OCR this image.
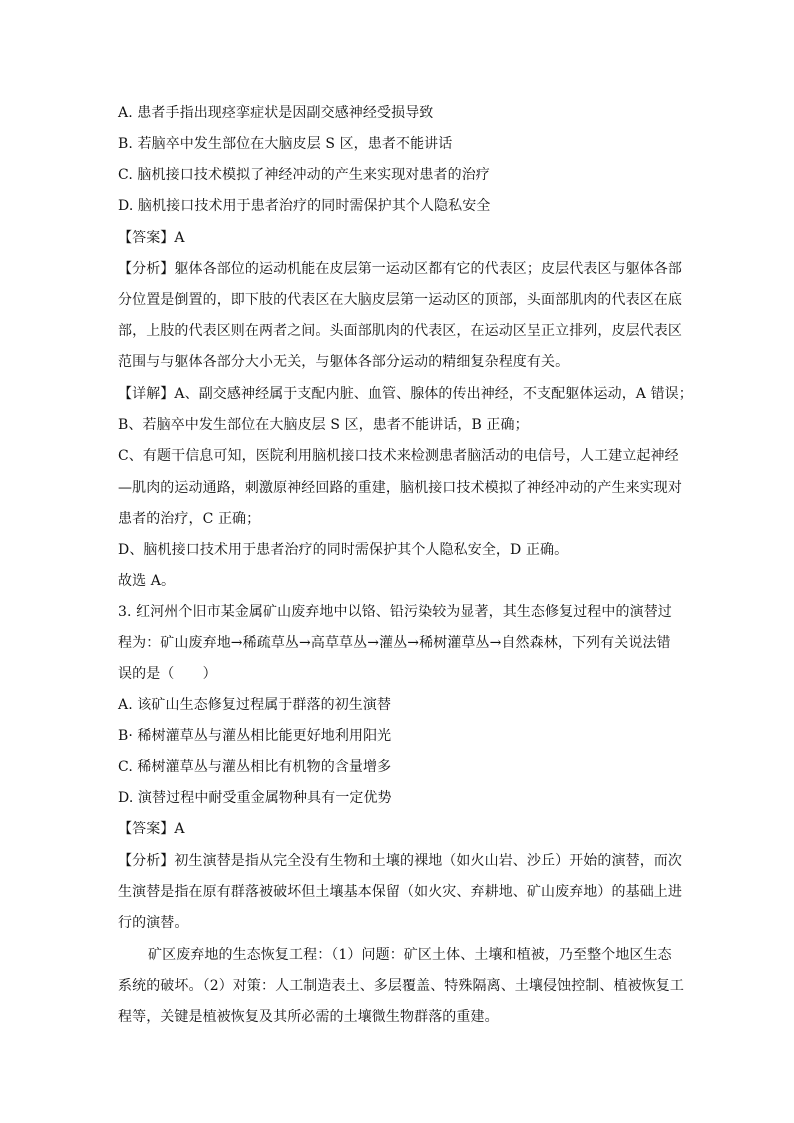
A. 患者手指出现痉挛症状是因副交感神经受损导致
B. 若脑卒中发生部位在大脑皮层 S 区，患者不能讲话
C. 脑机接口技术模拟了神经冲动的产生来实现对患者的治疗
D. 脑机接口技术用于患者治疗的同时需保护其个人隐私安全
【答案】A
【分析】躯体各部位的运动机能在皮层第一运动区都有它的代表区；皮层代表区与躯体各部
分位置是倒置的，即下肢的代表区在大脑皮层第一运动区的顶部，头面部肌肉的代表区在底
部，上肢的代表区则在两者之间。头面部肌肉的代表区，在运动区呈正立排列，皮层代表区
范围与与躯体各部分大小无关，与躯体各部分运动的精细复杂程度有关。
【详解】A、副交感神经属于支配内脏、血管、腺体的传出神经，不支配躯体运动，A 错误；
B、若脑卒中发生部位在大脑皮层 S 区，患者不能讲话，B 正确；
C、有题干信息可知，医院利用脑机接口技术来检测患者脑活动的电信号，人工建立起神经
—肌肉的运动通路，刺激原神经回路的重建，脑机接口技术模拟了神经冲动的产生来实现对
患者的治疗，C 正确；
D、脑机接口技术用于患者治疗的同时需保护其个人隐私安全，D 正确。
故选 A。
3. 红河州个旧市某金属矿山废弃地中以铬、铅污染较为显著，其生态修复过程中的演替过
程为：矿山废弃地→稀疏草丛→高草草丛→灌丛→稀树灌草丛→自然森林，下列有关说法错
误的是（　　）
A. 该矿山生态修复过程属于群落的初生演替
B· 稀树灌草丛与灌丛相比能更好地利用阳光
C. 稀树灌草丛与灌丛相比有机物的含量增多
D. 演替过程中耐受重金属物种具有一定优势
【答案】A
【分析】初生演替是指从完全没有生物和土壤的裸地（如火山岩、沙丘）开始的演替，而次
生演替是指在原有群落被破坏但土壤基本保留（如火灾、弃耕地、矿山废弃地）的基础上进
行的演替。
矿区废弃地的生态恢复工程：（1）问题：矿区土体、土壤和植被，乃至整个地区生态
系统的破坏。（2）对策：人工制造表土、多层覆盖、特殊隔离、土壤侵蚀控制、植被恢复工
程等，关键是植被恢复及其所必需的土壤微生物群落的重建。
